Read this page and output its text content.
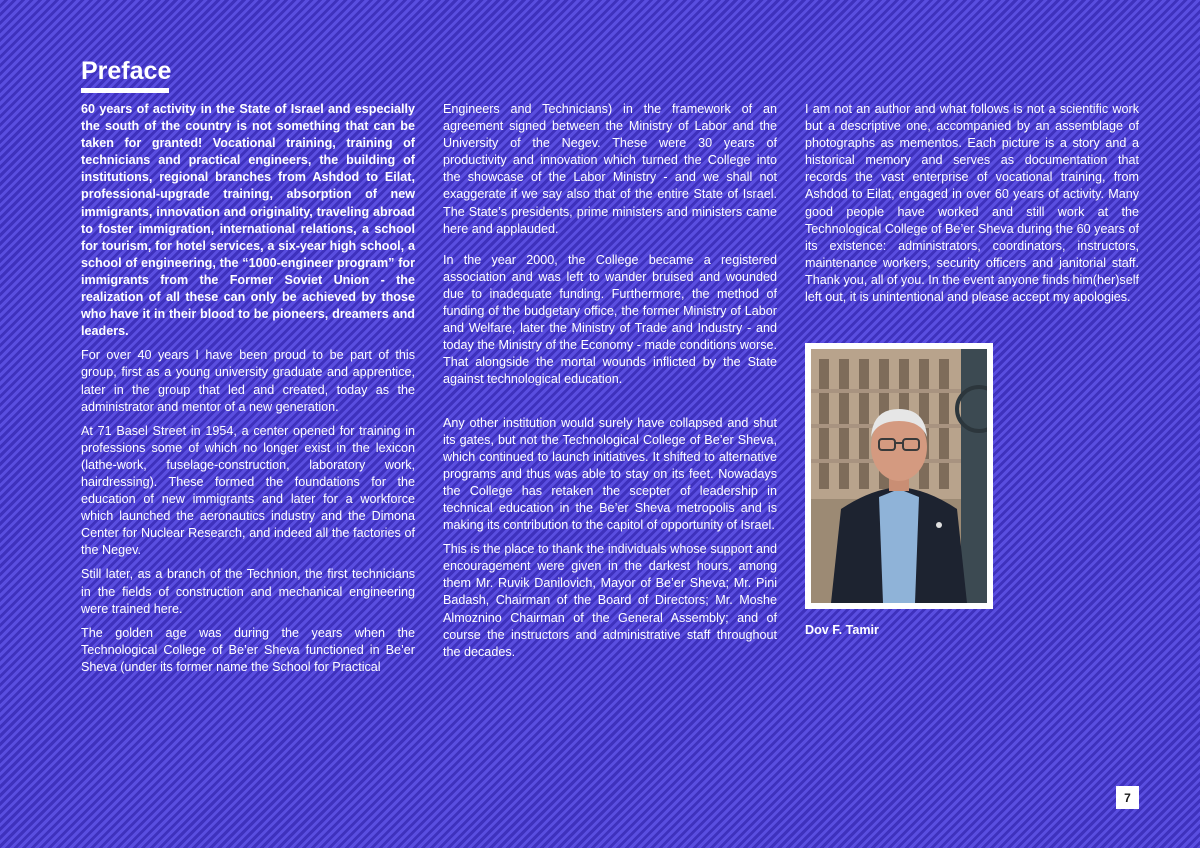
Preface

60 years of activity in the State of Israel and especially the south of the country is not something that can be taken for granted! Vocational training, training of technicians and practical engineers, the building of institutions, regional branches from Ashdod to Eilat, professional-upgrade training, absorption of new immigrants, innovation and originality, traveling abroad to foster immigration, international relations, a school for tourism, for hotel services, a six-year high school, a school of engineering, the “1000-engineer program” for immigrants from the Former Soviet Union - the realization of all these can only be achieved by those who have it in their blood to be pioneers, dreamers and leaders.

For over 40 years I have been proud to be part of this group, first as a young university graduate and apprentice, later in the group that led and created, today as the administrator and mentor of a new generation.

At 71 Basel Street in 1954, a center opened for training in professions some of which no longer exist in the lexicon (lathe-work, fuselage-construction, laboratory work, hairdressing). These formed the foundations for the education of new immigrants and later for a workforce which launched the aeronautics industry and the Dimona Center for Nuclear Research, and indeed all the factories of the Negev.

Still later, as a branch of the Technion, the first technicians in the fields of construction and mechanical engineering were trained here.

The golden age was during the years when the Technological College of Be’er Sheva functioned in Be’er Sheva (under its former name the School for Practical

Engineers and Technicians) in the framework of an agreement signed between the Ministry of Labor and the University of the Negev. These were 30 years of productivity and innovation which turned the College into the showcase of the Labor Ministry - and we shall not exaggerate if we say also that of the entire State of Israel. The State’s presidents, prime ministers and ministers came here and applauded.

In the year 2000, the College became a registered association and was left to wander bruised and wounded due to inadequate funding. Furthermore, the method of funding of the budgetary office, the former Ministry of Labor and Welfare, later the Ministry of Trade and Industry - and today the Ministry of the Economy - made conditions worse. That alongside the mortal wounds inflicted by the State against technological education.

Any other institution would surely have collapsed and shut its gates, but not the Technological College of Be’er Sheva, which continued to launch initiatives. It shifted to alternative programs and thus was able to stay on its feet. Nowadays the College has retaken the scepter of leadership in technical education in the Be’er Sheva metropolis and is making its contribution to the capitol of opportunity of Israel.

This is the place to thank the individuals whose support and encouragement were given in the darkest hours, among them Mr. Ruvik Danilovich, Mayor of Be’er Sheva; Mr. Pini Badash, Chairman of the Board of Directors; Mr. Moshe Almoznino Chairman of the General Assembly; and of course the instructors and administrative staff throughout the decades.

I am not an author and what follows is not a scientific work but a descriptive one, accompanied by an assemblage of photographs as mementos. Each picture is a story and a historical memory and serves as documentation that records the vast enterprise of vocational training, from Ashdod to Eilat, engaged in over 60 years of activity. Many good people have worked and still work at the Technological College of Be’er Sheva during the 60 years of its existence: administrators, coordinators, instructors, maintenance workers, security officers and janitorial staff. Thank you, all of you. In the event anyone finds him(her)self left out, it is unintentional and please accept my apologies.

Dov F. Tamir
7
